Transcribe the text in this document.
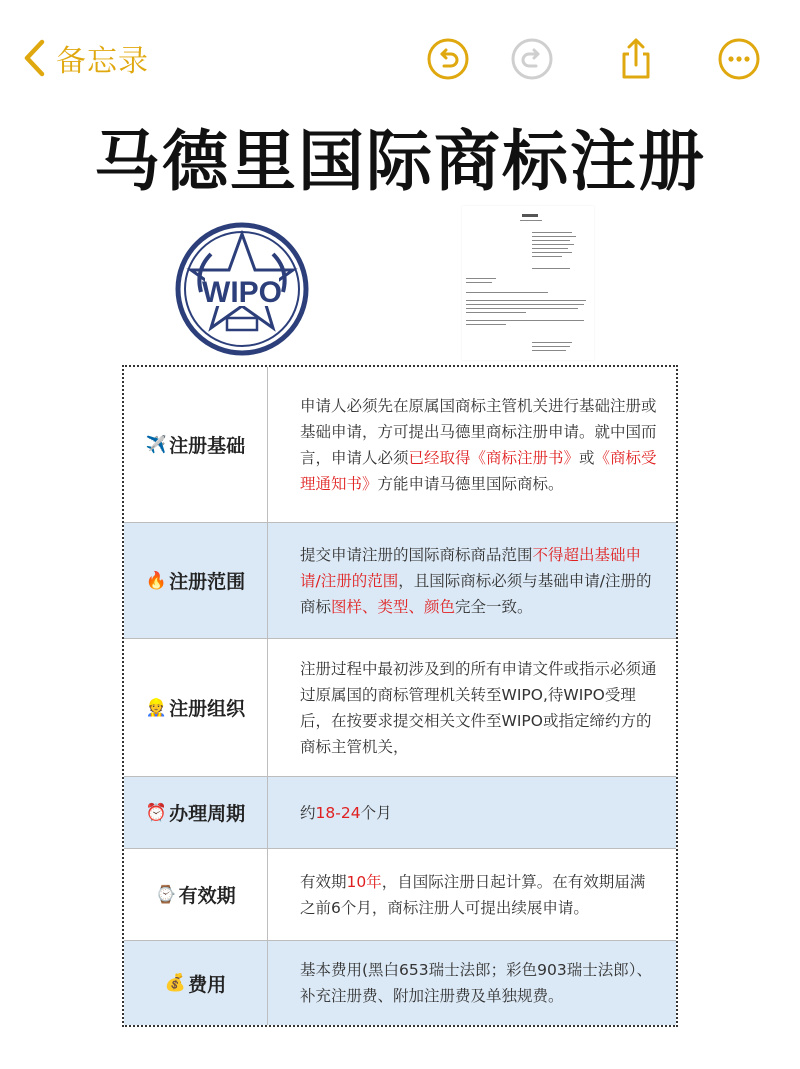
备忘录
马德里国际商标注册
WIPO
✈️ 注册基础

申请人必须先在原属国商标主管机关进行基础注册或基础申请，方可提出马德里商标注册申请。就中国而言，申请人必须已经取得《商标注册书》或《商标受理通知书》方能申请马德里国际商标。

🔥 注册范围

提交申请注册的国际商标商品范围不得超出基础申请/注册的范围，且国际商标必须与基础申请/注册的商标图样、类型、颜色完全一致。

👷 注册组织

注册过程中最初涉及到的所有申请文件或指示必须通过原属国的商标管理机关转至WIPO,待WIPO受理后，在按要求提交相关文件至WIPO或指定缔约方的商标主管机关，

⏰ 办理周期	约18-24个月

⌚ 有效期

有效期10年，自国际注册日起计算。在有效期届满之前6个月，商标注册人可提出续展申请。

💰 费用

基本费用(黑白653瑞士法郎；彩色903瑞士法郎）、补充注册费、附加注册费及单独规费。
